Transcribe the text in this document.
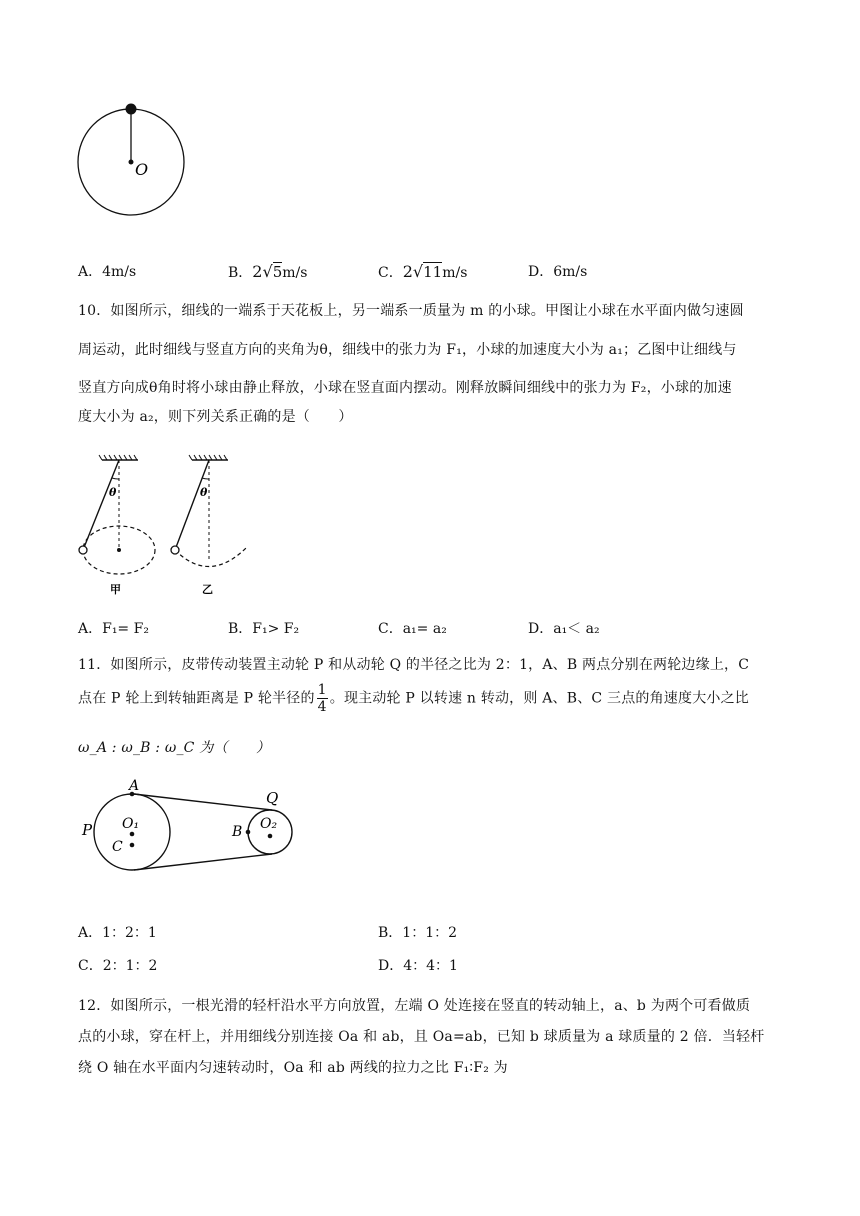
O
A．4m/s	B．2√5m/s	C．2√11m/s	D．6m/s
10．如图所示，细线的一端系于天花板上，另一端系一质量为 m 的小球。甲图让小球在水平面内做匀速圆
周运动，此时细线与竖直方向的夹角为θ，细线中的张力为 F₁，小球的加速度大小为 a₁；乙图中让细线与
竖直方向成θ角时将小球由静止释放，小球在竖直面内摆动。刚释放瞬间细线中的张力为 F₂，小球的加速
度大小为 a₂，则下列关系正确的是（　　）
θ
甲
θ
乙
A．F₁= F₂	B．F₁> F₂	C．a₁= a₂	D．a₁＜ a₂
11．如图所示，皮带传动装置主动轮 P 和从动轮 Q 的半径之比为 2：1，A、B 两点分别在两轮边缘上，C
点在 P 轮上到转轴距离是 P 轮半径的 $\frac{1}{4}$ 。现主动轮 P 以转速 n 转动，则 A、B、C 三点的角速度大小之比
ω_A : ω_B : ω_C 为（　　）
A
P O₁
C
Q
B O₂
A．1：2：1	B．1：1：2
C．2：1：2	D．4：4：1
12．如图所示，一根光滑的轻杆沿水平方向放置，左端 O 处连接在竖直的转动轴上，a、b 为两个可看做质
点的小球，穿在杆上，并用细线分别连接 Oa 和 ab，且 Oa=ab，已知 b 球质量为 a 球质量的 2 倍．当轻杆
绕 O 轴在水平面内匀速转动时，Oa 和 ab 两线的拉力之比 F₁∶F₂ 为
